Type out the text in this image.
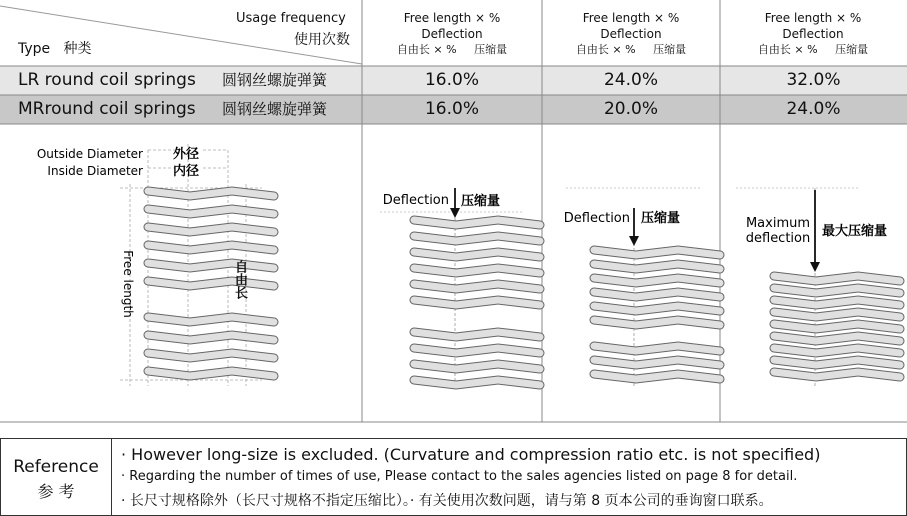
Usage frequency
使用次数
Type 种类
Free length × %
Deflection
自由长 × % 压缩量
Free length × %
Deflection
自由长 × % 压缩量
Free length × %
Deflection
自由长 × % 压缩量
LR round coil springs 圆钢丝螺旋弹簧	16.0%	24.0%	32.0%
MRround coil springs 圆钢丝螺旋弹簧	16.0%	20.0%	24.0%
Outside Diameter 外径
Inside Diameter 内径
Free length	自由长
Deflection 压缩量
Deflection 压缩量	Maximum
deflection 最大压缩量
Reference
参 考
· However long-size is excluded. (Curvature and compression ratio etc. is not specified)
· Regarding the number of times of use, Please contact to the sales agencies listed on page 8 for detail.
· 长尺寸规格除外（长尺寸规格不指定压缩比）。· 有关使用次数问题，请与第 8 页本公司的垂询窗口联系。
